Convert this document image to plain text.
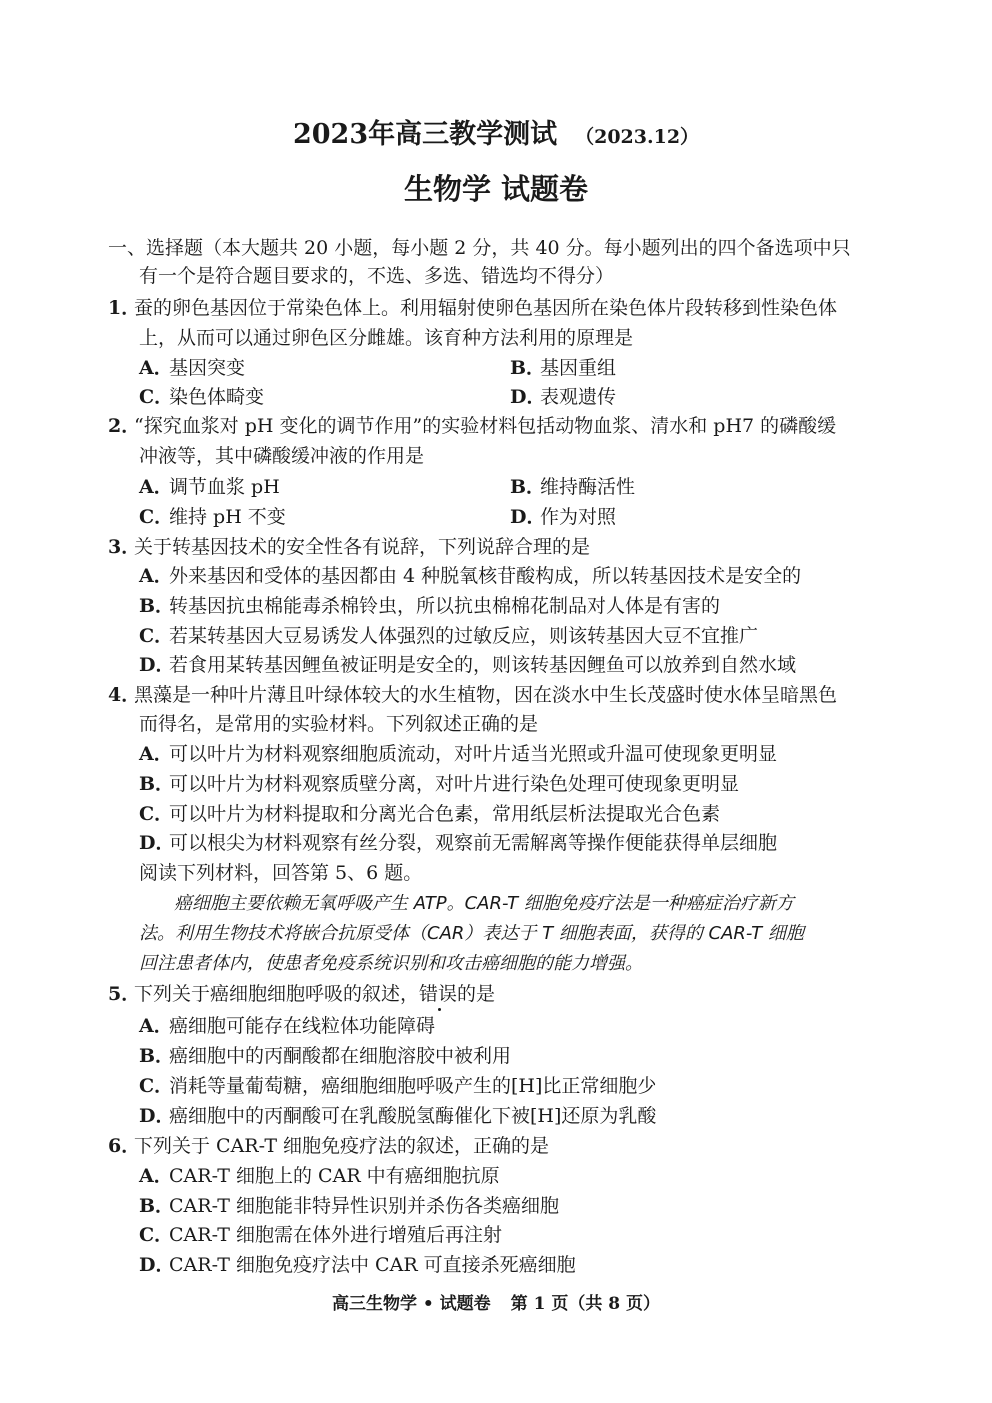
2023年高三教学测试 （2023.12）
生物学 试题卷
一、选择题（本大题共 20 小题，每小题 2 分，共 40 分。每小题列出的四个备选项中只
有一个是符合题目要求的，不选、多选、错选均不得分）
1．蚕的卵色基因位于常染色体上。利用辐射使卵色基因所在染色体片段转移到性染色体
上，从而可以通过卵色区分雌雄。该育种方法利用的原理是
A．基因突变	B．基因重组
C．染色体畸变	D．表观遗传
2．“探究血浆对 pH 变化的调节作用”的实验材料包括动物血浆、清水和 pH7 的磷酸缓
冲液等，其中磷酸缓冲液的作用是
A．调节血浆 pH	B．维持酶活性
C．维持 pH 不变	D．作为对照
3．关于转基因技术的安全性各有说辞，下列说辞合理的是
A．外来基因和受体的基因都由 4 种脱氧核苷酸构成，所以转基因技术是安全的
B．转基因抗虫棉能毒杀棉铃虫，所以抗虫棉棉花制品对人体是有害的
C．若某转基因大豆易诱发人体强烈的过敏反应，则该转基因大豆不宜推广
D．若食用某转基因鲤鱼被证明是安全的，则该转基因鲤鱼可以放养到自然水域
4．黑藻是一种叶片薄且叶绿体较大的水生植物，因在淡水中生长茂盛时使水体呈暗黑色
而得名，是常用的实验材料。下列叙述正确的是
A．可以叶片为材料观察细胞质流动，对叶片适当光照或升温可使现象更明显
B．可以叶片为材料观察质壁分离，对叶片进行染色处理可使现象更明显
C．可以叶片为材料提取和分离光合色素，常用纸层析法提取光合色素
D．可以根尖为材料观察有丝分裂，观察前无需解离等操作便能获得单层细胞
阅读下列材料，回答第 5、6 题。
癌细胞主要依赖无氧呼吸产生 ATP。CAR-T 细胞免疫疗法是一种癌症治疗新方
法。利用生物技术将嵌合抗原受体（CAR）表达于 T 细胞表面，获得的 CAR-T 细胞
回注患者体内，使患者免疫系统识别和攻击癌细胞的能力增强。
5．下列关于癌细胞细胞呼吸的叙述，错误的是
A．癌细胞可能存在线粒体功能障碍
B．癌细胞中的丙酮酸都在细胞溶胶中被利用
C．消耗等量葡萄糖，癌细胞细胞呼吸产生的[H]比正常细胞少
D．癌细胞中的丙酮酸可在乳酸脱氢酶催化下被[H]还原为乳酸
6．下列关于 CAR-T 细胞免疫疗法的叙述，正确的是
A．CAR-T 细胞上的 CAR 中有癌细胞抗原
B．CAR-T 细胞能非特异性识别并杀伤各类癌细胞
C．CAR-T 细胞需在体外进行增殖后再注射
D．CAR-T 细胞免疫疗法中 CAR 可直接杀死癌细胞
高三生物学 • 试题卷 第 1 页（共 8 页）
